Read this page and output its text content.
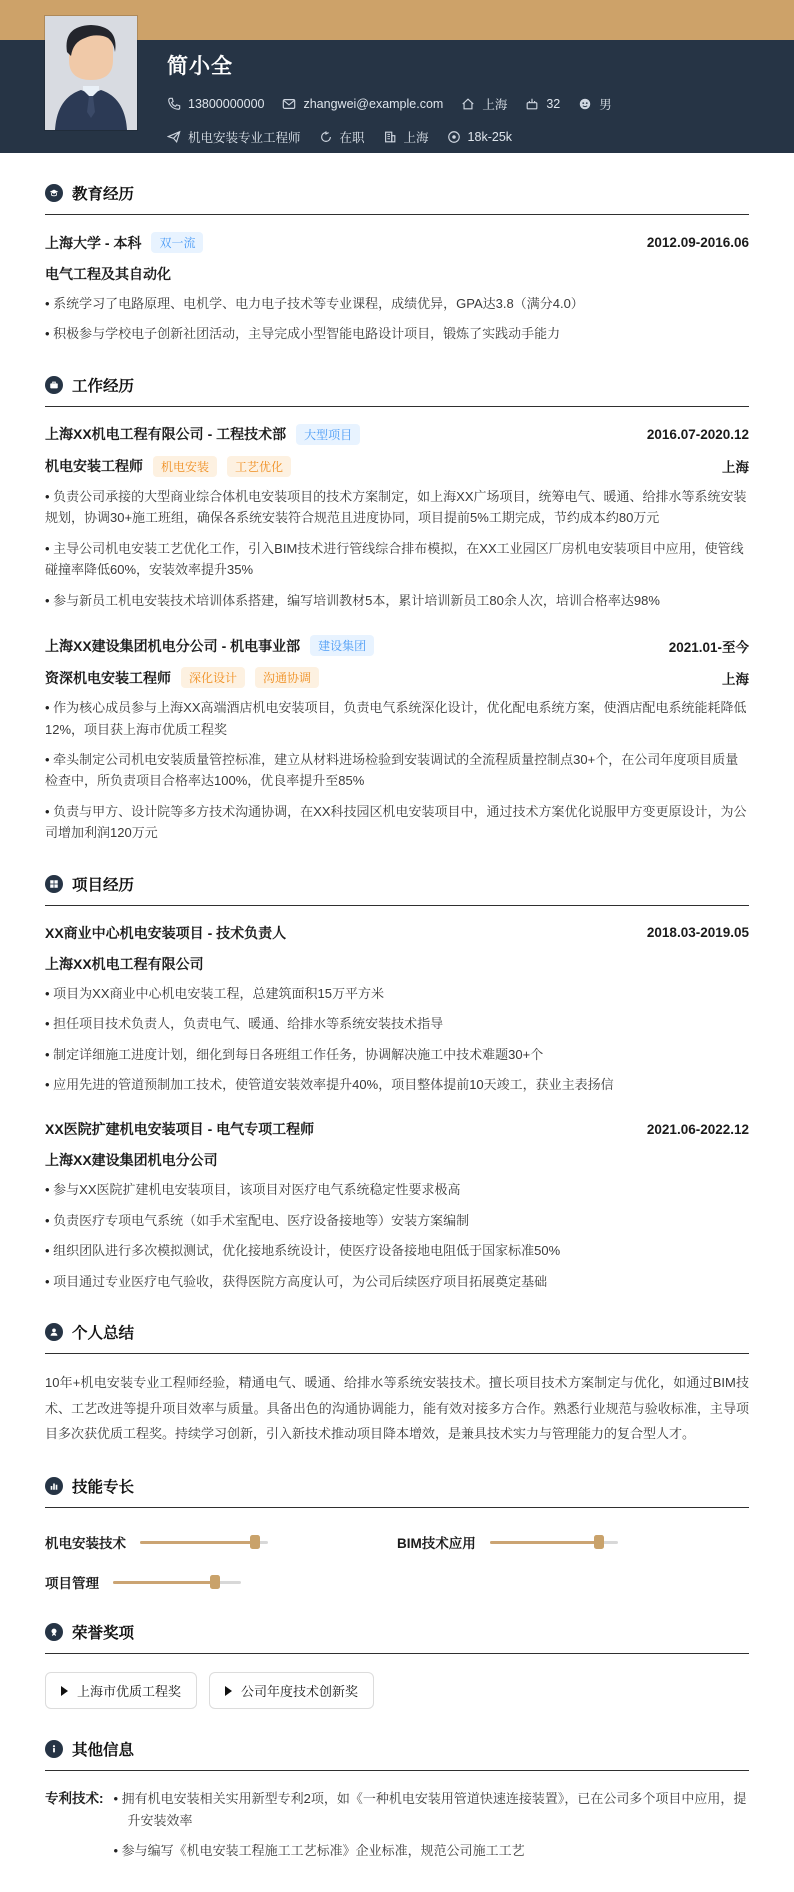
简小全
13800000000	zhangwei@example.com	上海	32	男
机电安装专业工程师	在职	上海	18k-25k
教育经历
上海大学 - 本科	双一流	2012.09-2016.06
电气工程及其自动化
• 系统学习了电路原理、电机学、电力电子技术等专业课程，成绩优异，GPA达3.8（满分4.0）
• 积极参与学校电子创新社团活动，主导完成小型智能电路设计项目，锻炼了实践动手能力
工作经历
上海XX机电工程有限公司 - 工程技术部	大型项目	2016.07-2020.12
机电安装工程师	机电安装	工艺优化	上海
• 负责公司承接的大型商业综合体机电安装项目的技术方案制定，如上海XX广场项目，统筹电气、暖通、给排水等系统安装规划，协调30+施工班组，确保各系统安装符合规范且进度协同，项目提前5%工期完成，节约成本约80万元
• 主导公司机电安装工艺优化工作，引入BIM技术进行管线综合排布模拟，在XX工业园区厂房机电安装项目中应用，使管线碰撞率降低60%，安装效率提升35%
• 参与新员工机电安装技术培训体系搭建，编写培训教材5本，累计培训新员工80余人次，培训合格率达98%
上海XX建设集团机电分公司 - 机电事业部	建设集团	2021.01-至今
资深机电安装工程师	深化设计	沟通协调	上海
• 作为核心成员参与上海XX高端酒店机电安装项目，负责电气系统深化设计，优化配电系统方案，使酒店配电系统能耗降低12%，项目获上海市优质工程奖
• 牵头制定公司机电安装质量管控标准，建立从材料进场检验到安装调试的全流程质量控制点30+个，在公司年度项目质量检查中，所负责项目合格率达100%，优良率提升至85%
• 负责与甲方、设计院等多方技术沟通协调，在XX科技园区机电安装项目中，通过技术方案优化说服甲方变更原设计，为公司增加利润120万元
项目经历
XX商业中心机电安装项目 - 技术负责人	2018.03-2019.05
上海XX机电工程有限公司
• 项目为XX商业中心机电安装工程，总建筑面积15万平方米
• 担任项目技术负责人，负责电气、暖通、给排水等系统安装技术指导
• 制定详细施工进度计划，细化到每日各班组工作任务，协调解决施工中技术难题30+个
• 应用先进的管道预制加工技术，使管道安装效率提升40%，项目整体提前10天竣工，获业主表扬信
XX医院扩建机电安装项目 - 电气专项工程师	2021.06-2022.12
上海XX建设集团机电分公司
• 参与XX医院扩建机电安装项目，该项目对医疗电气系统稳定性要求极高
• 负责医疗专项电气系统（如手术室配电、医疗设备接地等）安装方案编制
• 组织团队进行多次模拟测试，优化接地系统设计，使医疗设备接地电阻低于国家标准50%
• 项目通过专业医疗电气验收，获得医院方高度认可，为公司后续医疗项目拓展奠定基础
个人总结

10年+机电安装专业工程师经验，精通电气、暖通、给排水等系统安装技术。擅长项目技术方案制定与优化，如通过BIM技术、工艺改进等提升项目效率与质量。具备出色的沟通协调能力，能有效对接多方合作。熟悉行业规范与验收标准，主导项目多次获优质工程奖。持续学习创新，引入新技术推动项目降本增效，是兼具技术实力与管理能力的复合型人才。

技能专长
机电安装技术	BIM技术应用
项目管理
荣誉奖项
上海市优质工程奖	公司年度技术创新奖
其他信息
专利技术:	• 拥有机电安装相关实用新型专利2项，如《一种机电安装用管道快速连接装置》，已在公司多个项目中应用，提升安装效率
• 参与编写《机电安装工程施工工艺标准》企业标准，规范公司施工工艺
